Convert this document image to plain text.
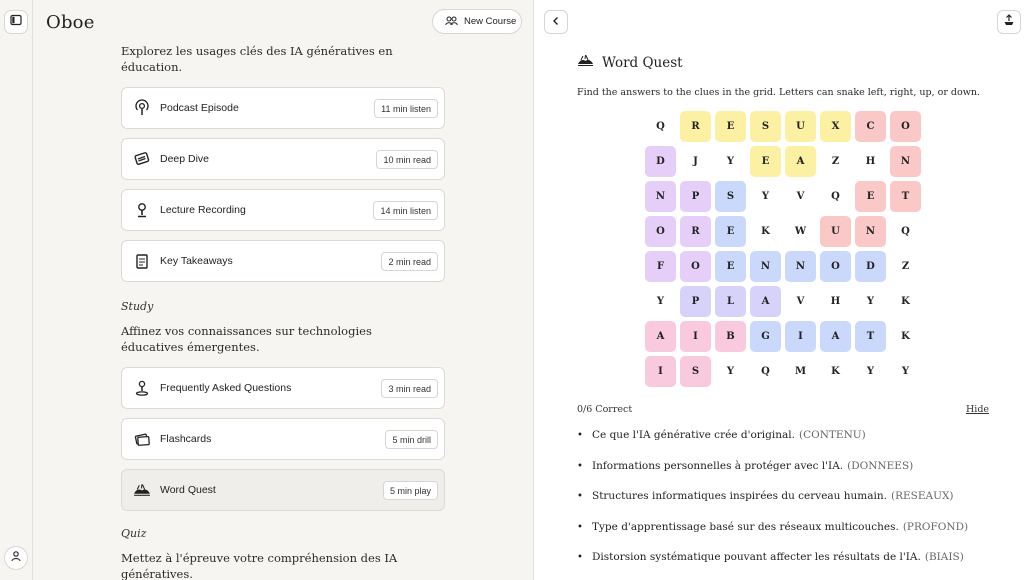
Oboe	New Course
Explorez les usages clés des IA génératives en éducation.
Podcast Episode	11 min listen
Deep Dive	10 min read
Lecture Recording	14 min listen
Key Takeaways	2 min read
Study
Affinez vos connaissances sur technologies éducatives émergentes.
Frequently Asked Questions	3 min read
Flashcards	5 min drill
Word Quest	5 min play
Quiz
Mettez à l'épreuve votre compréhension des IA génératives.
Word Quest
Find the answers to the clues in the grid. Letters can snake left, right, up, or down.
Q	R	E	S	U	X	C	O
D	J	Y	E	A	Z	H	N
N	P	S	Y	V	Q	E	T
O	R	E	K	W	U	N	Q
F	O	E	N	N	O	D	Z
Y	P	L	A	V	H	Y	K
A	I	B	G	I	A	T	K
I	S	Y	Q	M	K	Y	Y
0/6 Correct	Hide
• Ce que l'IA générative crée d'original. (CONTENU)
• Informations personnelles à protéger avec l'IA. (DONNEES)
• Structures informatiques inspirées du cerveau humain. (RESEAUX)
• Type d'apprentissage basé sur des réseaux multicouches. (PROFOND)
• Distorsion systématique pouvant affecter les résultats de l'IA. (BIAIS)
